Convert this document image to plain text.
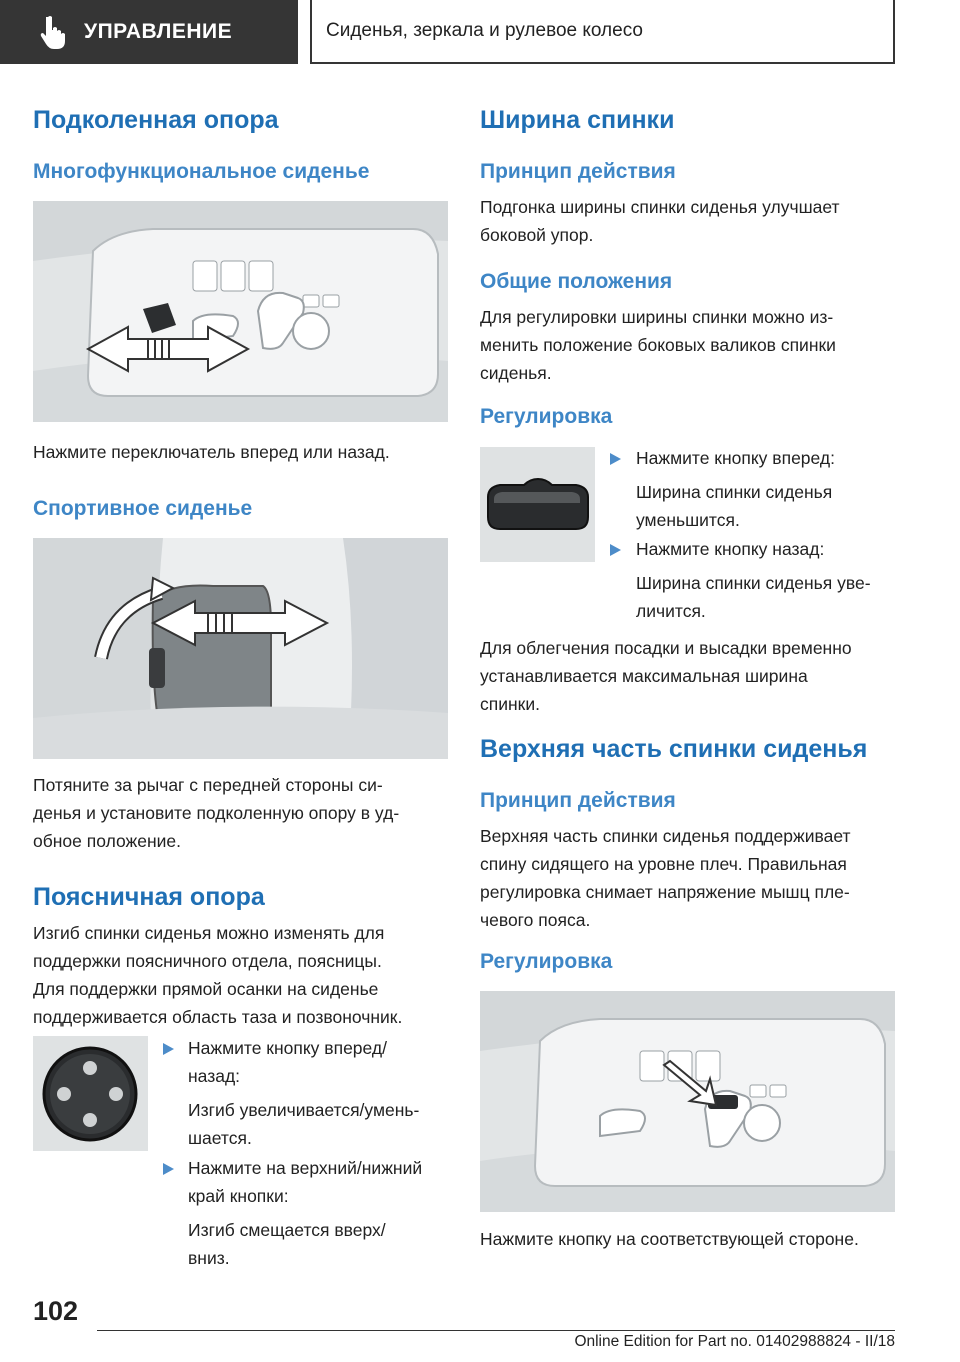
УПРАВЛЕНИЕ	Сиденья, зеркала и рулевое колесо
Подколенная опора
Многофункциональное сиденье

Нажмите переключатель вперед или назад.

Спортивное сиденье

Потяните за рычаг с передней стороны си-

денья и установите подколенную опору в уд-

обное положение.

Поясничная опора

Изгиб спинки сиденья можно изменять для

поддержки поясничного отдела, поясницы.

Для поддержки прямой осанки на сиденье

поддерживается область таза и позвоночник.

Нажмите кнопку вперед/
назад:
Изгиб увеличивается/умень-
шается.
Нажмите на верхний/нижний
край кнопки:
Изгиб смещается вверх/
вниз.
Ширина спинки
Принцип действия

Подгонка ширины спинки сиденья улучшает

боковой упор.

Общие положения

Для регулировки ширины спинки можно из-

менить положение боковых валиков спинки

сиденья.

Регулировка
Нажмите кнопку вперед:
Ширина спинки сиденья
уменьшится.
Нажмите кнопку назад:
Ширина спинки сиденья уве-
личится.

Для облегчения посадки и высадки временно

устанавливается максимальная ширина

спинки.

Верхняя часть спинки сиденья
Принцип действия

Верхняя часть спинки сиденья поддерживает

спину сидящего на уровне плеч. Правильная

регулировка снимает напряжение мышц пле-

чевого пояса.

Регулировка

Нажмите кнопку на соответствующей стороне.

102
Online Edition for Part no. 01402988824 - II/18
